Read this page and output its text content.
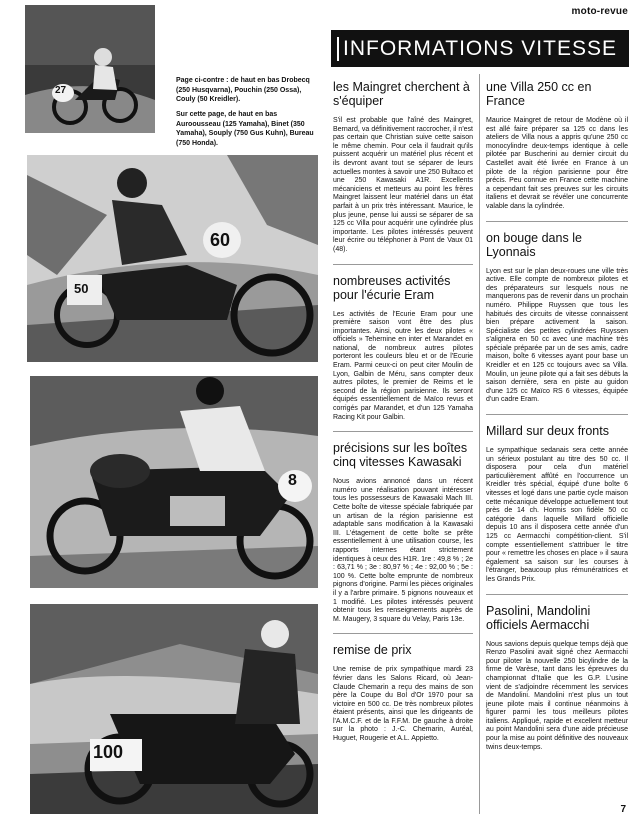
moto-revue
27
Page ci-contre : de haut en bas Drobecq (250 Husqvarna), Pouchin (250 Ossa), Couly (50 Kreidler).
Sur cette page, de haut en bas Auroousseau (125 Yamaha), Binet (350 Yamaha), Souply (750 Gus Kuhn), Bureau (750 Honda).
60
50
8
100
INFORMATIONS VITESSE
les Maingret cherchent à s'équiper
S'il est probable que l'aîné des Maingret, Bernard, va définitivement raccrocher, il n'est pas certain que Christian suive cette saison le même chemin. Pour cela il faudrait qu'ils puissent acquérir un matériel plus récent et ils devront avant tout se séparer de leurs actuelles montes à savoir une 250 Bultaco et une 250 Kawasaki A1R. Excellents mécaniciens et metteurs au point les frères Maingret laissent leur matériel dans un état parfait à un prix très intéressant. Maurice, le plus jeune, pense lui aussi se séparer de sa 125 cc Villa pour acquérir une cylindrée plus importante. Les pilotes intéressés peuvent leur écrire ou téléphoner à Pont de Vaux 01 (48).
nombreuses activités pour l'écurie Eram
Les activités de l'Ecurie Eram pour une première saison vont être des plus importantes. Ainsi, outre les deux pilotes « officiels » Tehernine en inter et Marandet en national, de nombreux autres pilotes porteront les couleurs bleu et or de l'Ecurie Eram. Parmi ceux-ci on peut citer Moulin de Lyon, Galbin de Méru, sans compter deux autres pilotes, le premier de Reims et le second de la région parisienne. Ils seront équipés essentiellement de Maïco revus et corrigés par Marandet, et d'un 125 Yamaha Racing Kit pour Galbin.
précisions sur les boîtes cinq vitesses Kawasaki
Nous avions annoncé dans un récent numéro une réalisation pouvant intéresser tous les possesseurs de Kawasaki Mach III. Cette boîte de vitesse spéciale fabriquée par un artisan de la région parisienne est adaptable sans modification à la Kawasaki III. L'étagement de cette boîte se prête essentiellement à une utilisation course, les rapports internes étant strictement identiques à ceux des H1R. 1re : 49,8 % ; 2e : 63,71 % ; 3e : 80,97 % ; 4e : 92,00 % ; 5e : 100 %. Cette boîte emprunte de nombreux pignons d'origine. Parmi les pièces originales il y a l'arbre primaire. 5 pignons nouveaux et 1 modifié. Les pilotes intéressés peuvent obtenir tous les renseignements auprès de M. Maugery, 3 square du Velay, Paris 13e.
remise de prix
Une remise de prix sympathique mardi 23 février dans les Salons Ricard, où Jean-Claude Chemarin a reçu des mains de son père la Coupe du Bol d'Or 1970 pour sa victoire en 500 cc. De très nombreux pilotes étaient présents, ainsi que les dirigeants de l'A.M.C.F. et de la F.F.M. De gauche à droite sur la photo : J.-C. Chemarin, Auréal, Huguet, Rougerie et A.L. Appietto.
une Villa 250 cc en France
Maurice Maingret de retour de Modène où il est allé faire préparer sa 125 cc dans les ateliers de Villa nous a appris qu'une 250 cc monocylindre deux-temps identique à celle pilotée par Buscherini au dernier circuit du Castellet avait été livrée en France à un pilote de la région parisienne pour être précis. Peu connue en France cette machine a cependant fait ses preuves sur les circuits italiens et devrait se révéler une concurrente valable dans la cylindrée.
on bouge dans le Lyonnais
Lyon est sur le plan deux-roues une ville très active. Elle compte de nombreux pilotes et des préparateurs sur lesquels nous ne manquerons pas de revenir dans un prochain numéro. Philippe Ruyssen que tous les habitués des circuits de vitesse connaissent bien prépare activement la saison. Spécialiste des petites cylindrées Ruyssen s'alignera en 50 cc avec une machine très spéciale préparée par un de ses amis, cadre maison, boîte 6 vitesses ayant pour base un Kreidler et en 125 cc toujours avec sa Villa. Moulin, un jeune pilote qui a fait ses débuts la saison dernière, sera en piste au guidon d'une 125 cc Maïco RS 6 vitesses, équipée d'un cadre Eram.
Millard sur deux fronts
Le sympathique sedanais sera cette année un sérieux postulant au titre des 50 cc. Il disposera pour cela d'un matériel particulièrement affûté en l'occurrence un Kreidler très spécial, équipé d'une boîte 6 vitesses et logé dans une partie cycle maison cette mécanique développe actuellement tout près de 14 ch. Hormis son fidèle 50 cc catégorie dans laquelle Millard officielle depuis 10 ans il disposera cette année d'un 125 cc Aermacchi compétition-client. S'il compte essentiellement s'attribuer le titre pour « remettre les choses en place » il saura également sa saison sur les courses à l'étranger, beaucoup plus rémunératrices et les Grands Prix.
Pasolini, Mandolini officiels Aermacchi
Nous savions depuis quelque temps déjà que Renzo Pasolini avait signé chez Aermacchi pour piloter la nouvelle 250 bicylindre de la firme de Varèse, tant dans les épreuves du championnat d'Italie que les G.P. L'usine vient de s'adjoindre récemment les services de Mandolini. Mandolini n'est plus un tout jeune pilote mais il continue néanmoins à figurer parmi les tous meilleurs pilotes italiens. Appliqué, rapide et excellent metteur au point Mandolini sera d'une aide précieuse pour la mise au point définitive des nouveaux twins deux-temps.
7
